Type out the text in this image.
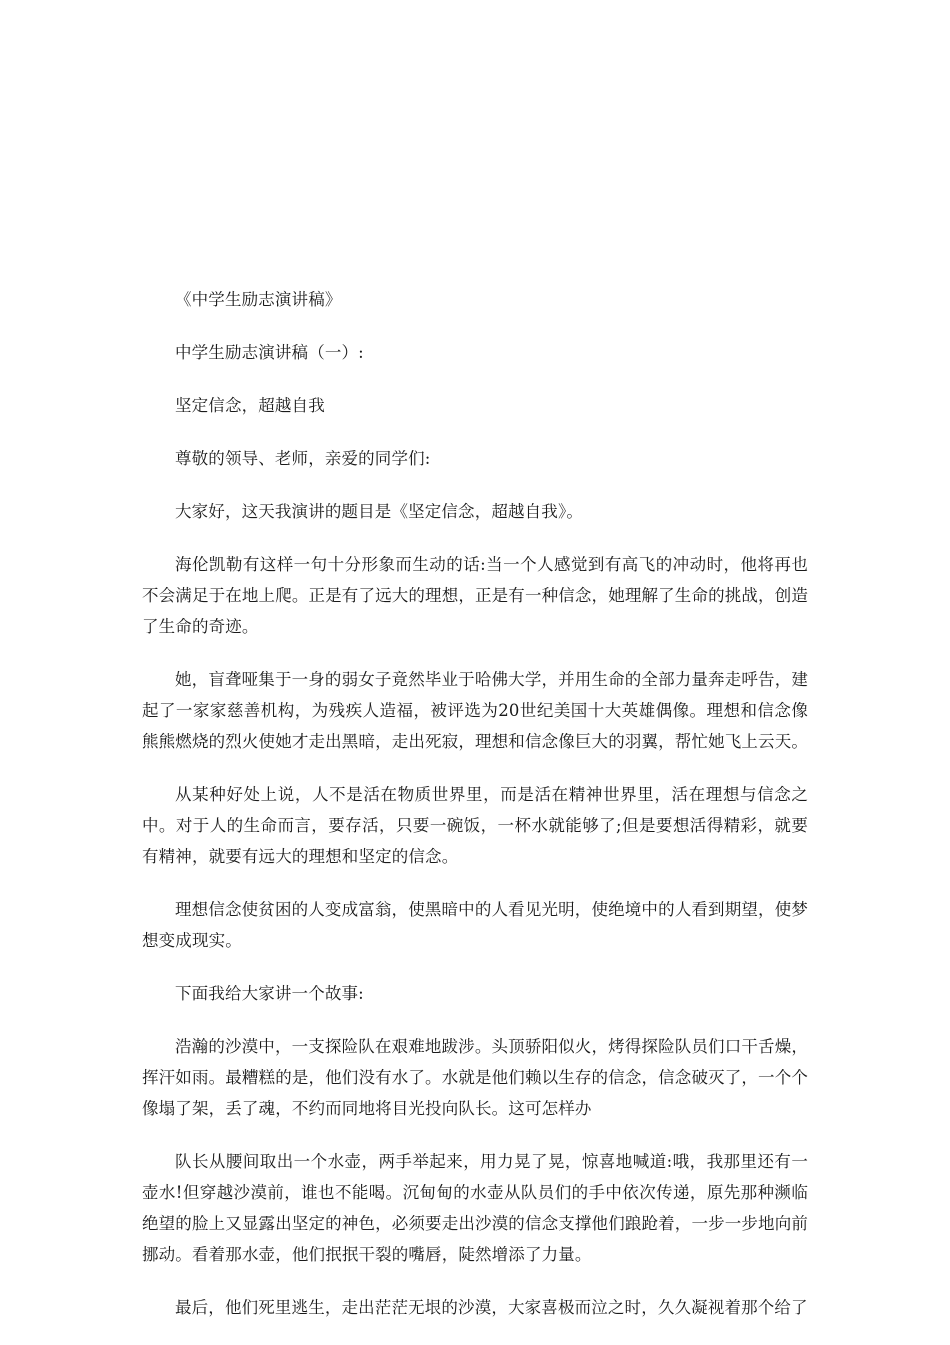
《中学生励志演讲稿》

中学生励志演讲稿（一）:

坚定信念，超越自我

尊敬的领导、老师，亲爱的同学们:

大家好，这天我演讲的题目是《坚定信念，超越自我》。

海伦凯勒有这样一句十分形象而生动的话:当一个人感觉到有高飞的冲动时，他将再也不会满足于在地上爬。正是有了远大的理想，正是有一种信念，她理解了生命的挑战，创造了生命的奇迹。

她，盲聋哑集于一身的弱女子竟然毕业于哈佛大学，并用生命的全部力量奔走呼告，建起了一家家慈善机构，为残疾人造福，被评选为20世纪美国十大英雄偶像。理想和信念像熊熊燃烧的烈火使她才走出黑暗，走出死寂，理想和信念像巨大的羽翼，帮忙她飞上云天。

从某种好处上说，人不是活在物质世界里，而是活在精神世界里，活在理想与信念之中。对于人的生命而言，要存活，只要一碗饭，一杯水就能够了;但是要想活得精彩，就要有精神，就要有远大的理想和坚定的信念。

理想信念使贫困的人变成富翁，使黑暗中的人看见光明，使绝境中的人看到期望，使梦想变成现实。

下面我给大家讲一个故事:

浩瀚的沙漠中，一支探险队在艰难地跋涉。头顶骄阳似火，烤得探险队员们口干舌燥，挥汗如雨。最糟糕的是，他们没有水了。水就是他们赖以生存的信念，信念破灭了，一个个像塌了架，丢了魂，不约而同地将目光投向队长。这可怎样办

队长从腰间取出一个水壶，两手举起来，用力晃了晃，惊喜地喊道:哦，我那里还有一壶水!但穿越沙漠前，谁也不能喝。沉甸甸的水壶从队员们的手中依次传递，原先那种濒临绝望的脸上又显露出坚定的神色，必须要走出沙漠的信念支撑他们踉跄着，一步一步地向前挪动。看着那水壶，他们抿抿干裂的嘴唇，陡然增添了力量。

最后，他们死里逃生，走出茫茫无垠的沙漠，大家喜极而泣之时，久久凝视着那个给了
